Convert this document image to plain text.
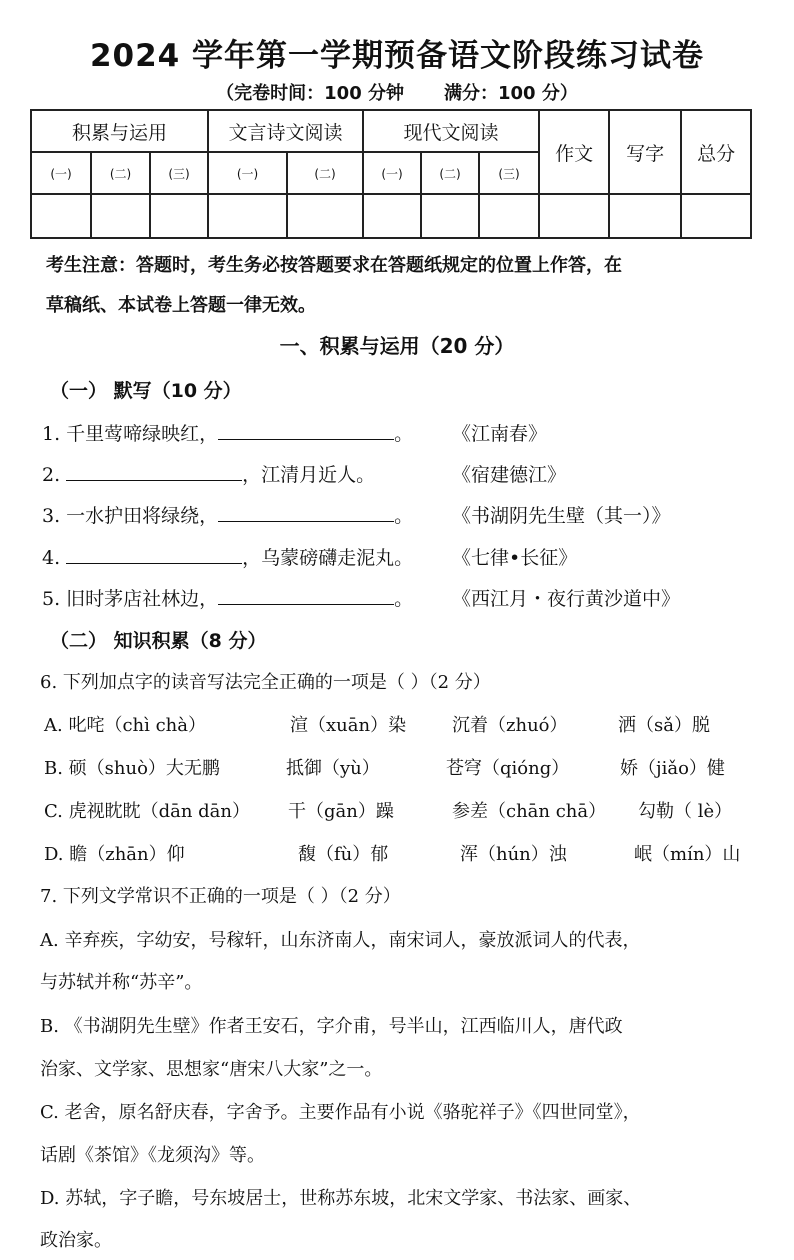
2024 学年第一学期预备语文阶段练习试卷
（完卷时间：100 分钟 满分：100 分）
积累与运用			文言诗文阅读		现代文阅读			作文	写字	总分
(一)	(二)	(三)	(一)	(二)	(一)	(二)	(三)			

考生注意：答题时，考生务必按答题要求在答题纸规定的位置上作答，在
草稿纸、本试卷上答题一律无效。
一、积累与运用（20 分）
（一） 默写（10 分）
1. 千里莺啼绿映红，	。 《江南春》
2.	，江清月近人。	《宿建德江》
3. 一水护田将绿绕，	。 《书湖阴先生壁（其一）》
4.	，乌蒙磅礴走泥丸。 《七律•长征》
5. 旧时茅店社林边，	。 《西江月・夜行黄沙道中》
（二） 知识积累（8 分）
6. 下列加点字的读音写法完全正确的一项是（ ）（2 分）
A. 叱咤（chì chà）	渲（xuān）染	沉着（zhuó）	洒（sǎ）脱
B. 硕（shuò）大无鹏	抵御（yù）	苍穹（qióng）	娇（jiǎo）健
C. 虎视眈眈（dān dān） 干（gān）躁	参差（chān chā） 勾勒（ lè）
D. 瞻（zhān）仰	馥（fù）郁	浑（hún）浊	岷（mín）山
7. 下列文学常识不正确的一项是（ ）（2 分）
A. 辛弃疾，字幼安，号稼轩，山东济南人，南宋词人，豪放派词人的代表，
与苏轼并称“苏辛”。
B. 《书湖阴先生壁》作者王安石，字介甫，号半山，江西临川人，唐代政
治家、文学家、思想家“唐宋八大家”之一。
C. 老舍，原名舒庆春，字舍予。主要作品有小说《骆驼祥子》《四世同堂》，
话剧《茶馆》《龙须沟》等。
D. 苏轼，字子瞻，号东坡居士，世称苏东坡，北宋文学家、书法家、画家、
政治家。
